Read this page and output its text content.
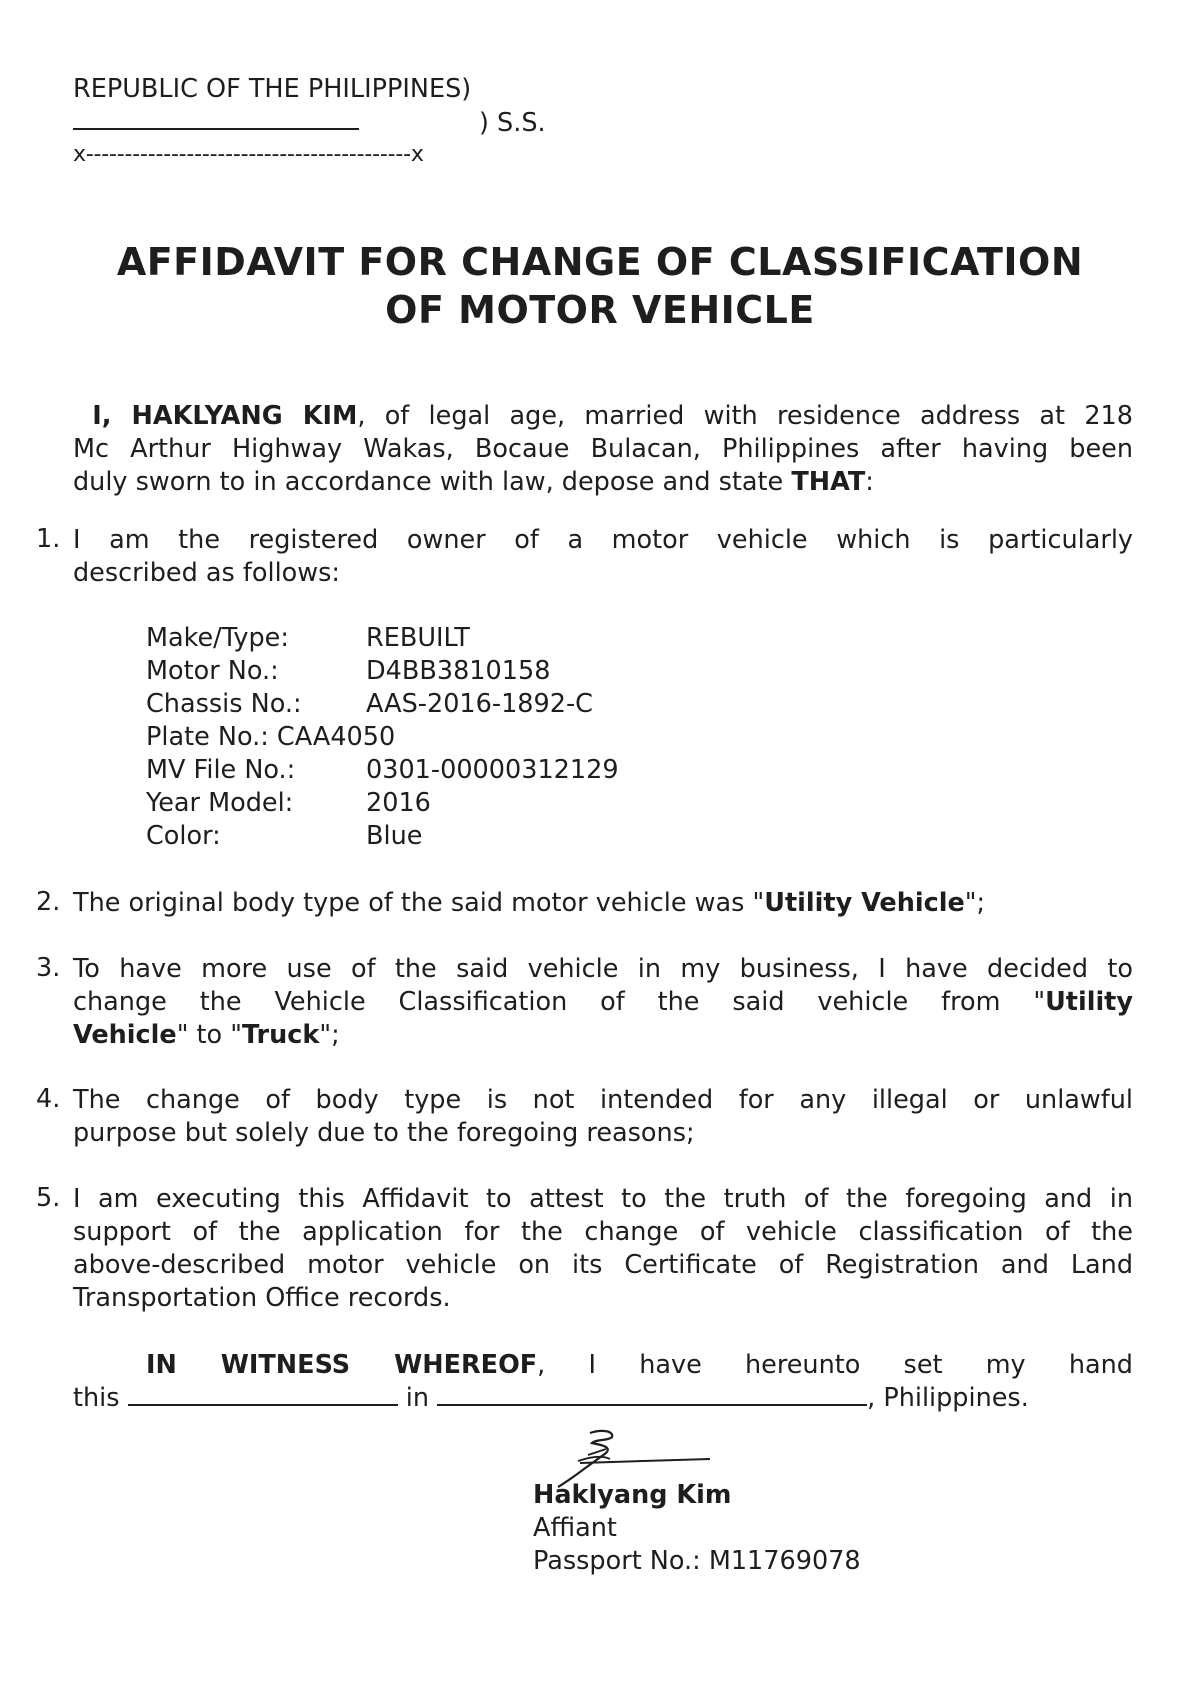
REPUBLIC OF THE PHILIPPINES)
) S.S.
x------------------------------------------x
AFFIDAVIT FOR CHANGE OF CLASSIFICATION
OF MOTOR VEHICLE
I, HAKLYANG KIM, of legal age, married with residence address at 218
Mc Arthur Highway Wakas, Bocaue Bulacan, Philippines after having been
duly sworn to in accordance with law, depose and state THAT:
1. I am the registered owner of a motor vehicle which is particularly
described as follows:
Make/Type:	REBUILT
Motor No.:	D4BB3810158
Chassis No.:	AAS-2016-1892-C
Plate No.: CAA4050
MV File No.:	0301-00000312129
Year Model:	2016
Color:	Blue
2. The original body type of the said motor vehicle was "Utility Vehicle";
3. To have more use of the said vehicle in my business, I have decided to
change the Vehicle Classification of the said vehicle from "Utility
Vehicle" to "Truck";
4. The change of body type is not intended for any illegal or unlawful
purpose but solely due to the foregoing reasons;
5. I am executing this Affidavit to attest to the truth of the foregoing and in
support of the application for the change of vehicle classification of the
above-described motor vehicle on its Certificate of Registration and Land
Transportation Office records.
IN WITNESS WHEREOF, I have hereunto set my hand
this	in	, Philippines.
Haklyang Kim
Affiant
Passport No.: M11769078
